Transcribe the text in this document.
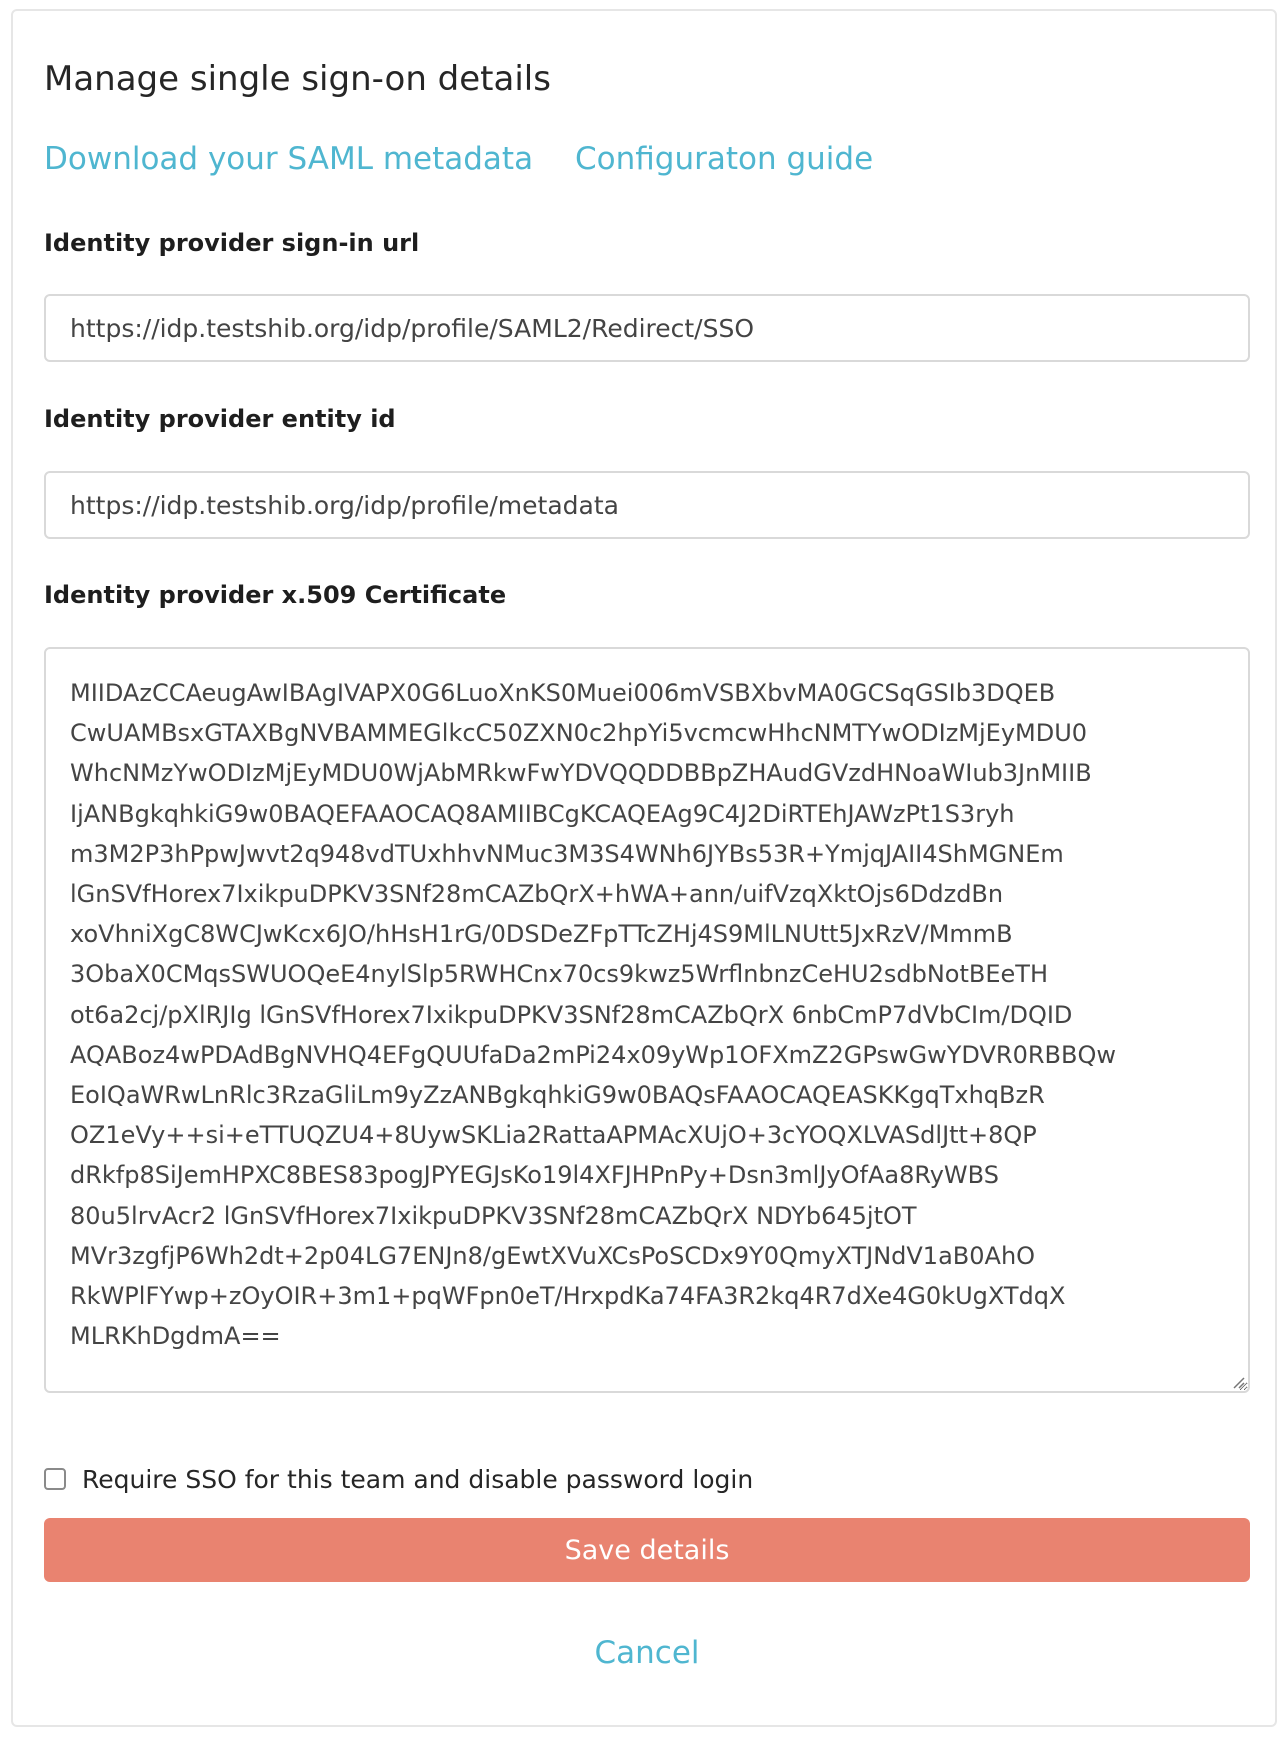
Manage single sign-on details
Download your SAML metadata Configuraton guide
Identity provider sign-in url
https://idp.testshib.org/idp/profile/SAML2/Redirect/SSO
Identity provider entity id
https://idp.testshib.org/idp/profile/metadata
Identity provider x.509 Certificate
MIIDAzCCAeugAwIBAgIVAPX0G6LuoXnKS0Muei006mVSBXbvMA0GCSqGSIb3DQEB CwUAMBsxGTAXBgNVBAMMEGlkcC50ZXN0c2hpYi5vcmcwHhcNMTYwODIzMjEyMDU0 WhcNMzYwODIzMjEyMDU0WjAbMRkwFwYDVQQDDBBpZHAudGVzdHNoaWIub3JnMIIB IjANBgkqhkiG9w0BAQEFAAOCAQ8AMIIBCgKCAQEAg9C4J2DiRTEhJAWzPt1S3ryh m3M2P3hPpwJwvt2q948vdTUxhhvNMuc3M3S4WNh6JYBs53R+YmjqJAII4ShMGNEm lGnSVfHorex7IxikpuDPKV3SNf28mCAZbQrX+hWA+ann/uifVzqXktOjs6DdzdBn xoVhniXgC8WCJwKcx6JO/hHsH1rG/0DSDeZFpTTcZHj4S9MlLNUtt5JxRzV/MmmB 3ObaX0CMqsSWUOQeE4nylSlp5RWHCnx70cs9kwz5WrflnbnzCeHU2sdbNotBEeTH ot6a2cj/pXlRJIg lGnSVfHorex7IxikpuDPKV3SNf28mCAZbQrX 6nbCmP7dVbCIm/DQID AQABoz4wPDAdBgNVHQ4EFgQUUfaDa2mPi24x09yWp1OFXmZ2GPswGwYDVR0RBBQw EoIQaWRwLnRlc3RzaGliLm9yZzANBgkqhkiG9w0BAQsFAAOCAQEASKKgqTxhqBzR OZ1eVy++si+eTTUQZU4+8UywSKLia2RattaAPMAcXUjO+3cYOQXLVASdlJtt+8QP dRkfp8SiJemHPXC8BES83pogJPYEGJsKo19l4XFJHPnPy+Dsn3mlJyOfAa8RyWBS 80u5lrvAcr2 lGnSVfHorex7IxikpuDPKV3SNf28mCAZbQrX NDYb645jtOT MVr3zgfjP6Wh2dt+2p04LG7ENJn8/gEwtXVuXCsPoSCDx9Y0QmyXTJNdV1aB0AhO RkWPlFYwp+zOyOIR+3m1+pqWFpn0eT/HrxpdKa74FA3R2kq4R7dXe4G0kUgXTdqX MLRKhDgdmA==
Require SSO for this team and disable password login
Save details
Cancel
